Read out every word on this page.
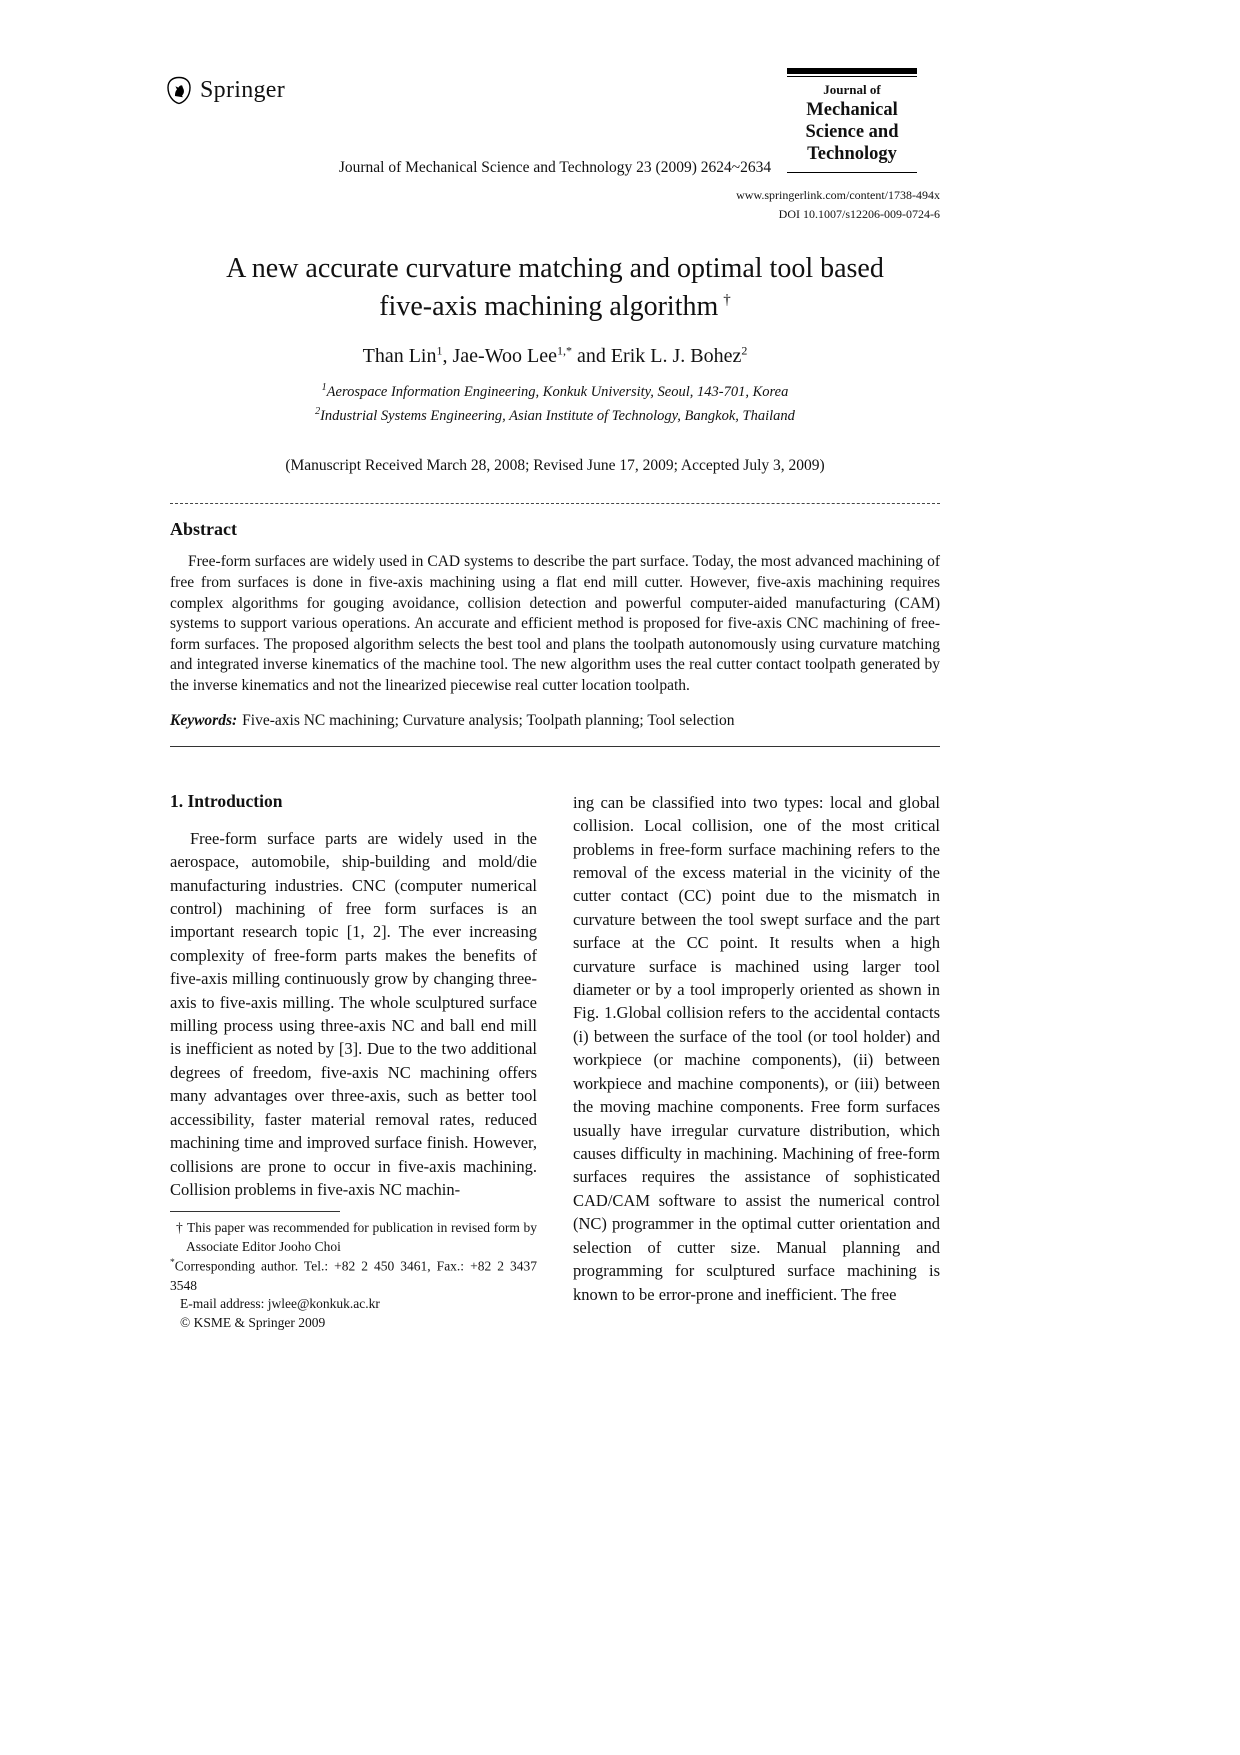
Springer	Journal of
Mechanical Science and Technology
Journal of Mechanical Science and Technology 23 (2009) 2624~2634
www.springerlink.com/content/1738-494x
DOI 10.1007/s12206-009-0724-6
A new accurate curvature matching and optimal tool based five-axis machining algorithm †
Than Lin$^1$, Jae-Woo Lee$^{1,*}$ and Erik L. J. Bohez$^2$
$^1$Aerospace Information Engineering, Konkuk University, Seoul, 143-701, Korea
$^2$Industrial Systems Engineering, Asian Institute of Technology, Bangkok, Thailand
(Manuscript Received March 28, 2008; Revised June 17, 2009; Accepted July 3, 2009)
Abstract

Free-form surfaces are widely used in CAD systems to describe the part surface. Today, the most advanced machining of free from surfaces is done in five-axis machining using a flat end mill cutter. However, five-axis machining requires complex algorithms for gouging avoidance, collision detection and powerful computer-aided manufacturing (CAM) systems to support various operations. An accurate and efficient method is proposed for five-axis CNC machining of free-form surfaces. The proposed algorithm selects the best tool and plans the toolpath autonomously using curvature matching and integrated inverse kinematics of the machine tool. The new algorithm uses the real cutter contact toolpath generated by the inverse kinematics and not the linearized piecewise real cutter location toolpath.

Keywords: Five-axis NC machining; Curvature analysis; Toolpath planning; Tool selection

1. Introduction

Free-form surface parts are widely used in the aerospace, automobile, ship-building and mold/die manufacturing industries. CNC (computer numerical control) machining of free form surfaces is an important research topic [1, 2]. The ever increasing complexity of free-form parts makes the benefits of five-axis milling continuously grow by changing three-axis to five-axis milling. The whole sculptured surface milling process using three-axis NC and ball end mill is inefficient as noted by [3]. Due to the two additional degrees of freedom, five-axis NC machining offers many advantages over three-axis, such as better tool accessibility, faster material removal rates, reduced machining time and improved surface finish. However, collisions are prone to occur in five-axis machining. Collision problems in five-axis NC machin-

† This paper was recommended for publication in revised form by Associate Editor Jooho Choi

*Corresponding author. Tel.: +82 2 450 3461, Fax.: +82 2 3437 3548

E-mail address: jwlee@konkuk.ac.kr

© KSME & Springer 2009

ing can be classified into two types: local and global collision. Local collision, one of the most critical problems in free-form surface machining refers to the removal of the excess material in the vicinity of the cutter contact (CC) point due to the mismatch in curvature between the tool swept surface and the part surface at the CC point. It results when a high curvature surface is machined using larger tool diameter or by a tool improperly oriented as shown in Fig. 1.Global collision refers to the accidental contacts (i) between the surface of the tool (or tool holder) and workpiece (or machine components), (ii) between workpiece and machine components), or (iii) between the moving machine components. Free form surfaces usually have irregular curvature distribution, which causes difficulty in machining. Machining of free-form surfaces requires the assistance of sophisticated CAD/CAM software to assist the numerical control (NC) programmer in the optimal cutter orientation and selection of cutter size. Manual planning and programming for sculptured surface machining is known to be error-prone and inefficient. The free
